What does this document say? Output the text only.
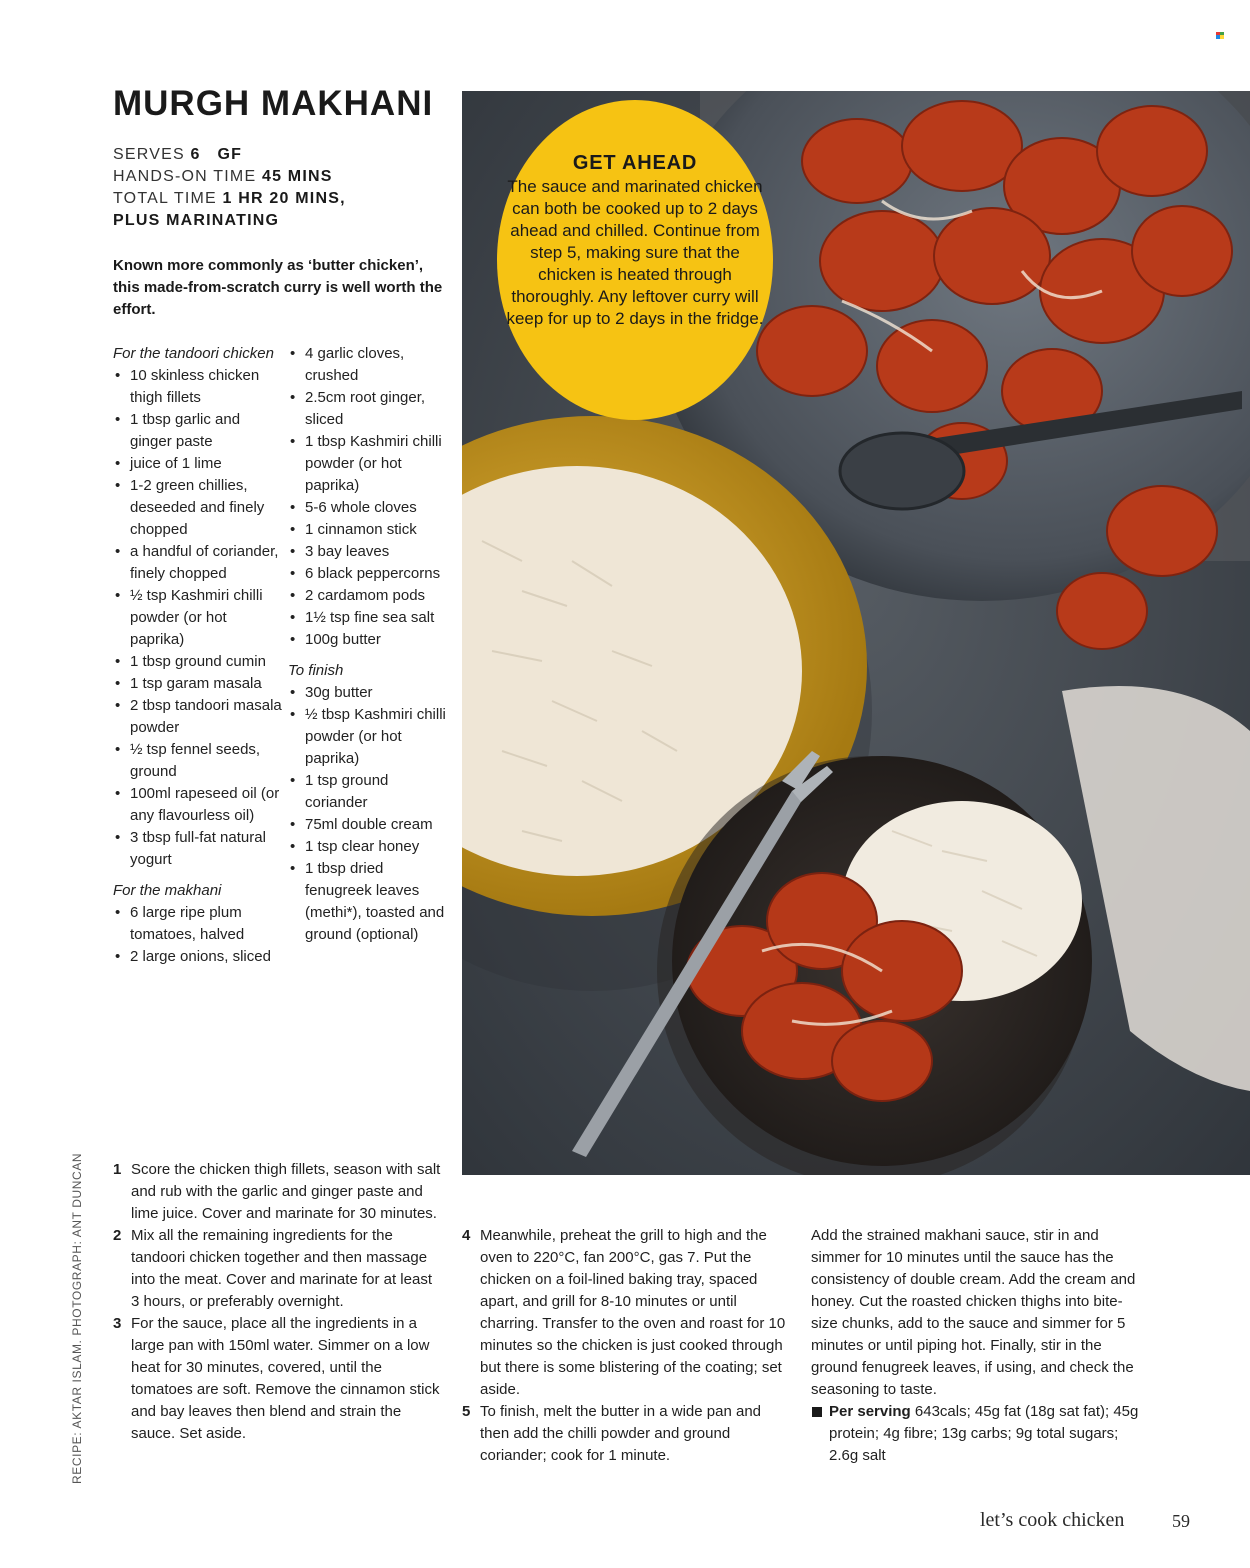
MURGH MAKHANI
SERVES 6 GF
HANDS-ON TIME 45 MINS
TOTAL TIME 1 HR 20 MINS,
PLUS MARINATING
Known more commonly as ‘butter chicken’, this made-from-scratch curry is well worth the effort.
For the tandoori chicken
• 10 skinless chicken thigh fillets
• 1 tbsp garlic and ginger paste
• juice of 1 lime
• 1-2 green chillies, deseeded and finely chopped
• a handful of coriander, finely chopped
• ½ tsp Kashmiri chilli powder (or hot paprika)
• 1 tbsp ground cumin
• 1 tsp garam masala
• 2 tbsp tandoori masala powder
• ½ tsp fennel seeds, ground
• 100ml rapeseed oil (or any flavourless oil)
• 3 tbsp full-fat natural yogurt
For the makhani
• 6 large ripe plum tomatoes, halved
• 2 large onions, sliced
• 4 garlic cloves, crushed
• 2.5cm root ginger, sliced
• 1 tbsp Kashmiri chilli powder (or hot paprika)
• 5-6 whole cloves
• 1 cinnamon stick
• 3 bay leaves
• 6 black peppercorns
• 2 cardamom pods
• 1½ tsp fine sea salt
• 100g butter
To finish
• 30g butter
• ½ tbsp Kashmiri chilli powder (or hot paprika)
• 1 tsp ground coriander
• 75ml double cream
• 1 tsp clear honey
• 1 tbsp dried fenugreek leaves (methi*), toasted and ground (optional)
GET AHEAD
The sauce and marinated chicken can both be cooked up to 2 days ahead and chilled. Continue from step 5, making sure that the chicken is heated through thoroughly. Any leftover curry will keep for up to 2 days in the fridge.
RECIPE: AKTAR ISLAM. PHOTOGRAPH: ANT DUNCAN 1 Score the chicken thigh fillets, season with salt and rub with the garlic and ginger paste and lime juice. Cover and marinate for 30 minutes.
2 Mix all the remaining ingredients for the tandoori chicken together and then massage into the meat. Cover and marinate for at least 3 hours, or preferably overnight.
3 For the sauce, place all the ingredients in a large pan with 150ml water. Simmer on a low heat for 30 minutes, covered, until the tomatoes are soft. Remove the cinnamon stick and bay leaves then blend and strain the sauce. Set aside.
4 Meanwhile, preheat the grill to high and the oven to 220°C, fan 200°C, gas 7. Put the chicken on a foil-lined baking tray, spaced apart, and grill for 8-10 minutes or until charring. Transfer to the oven and roast for 10 minutes so the chicken is just cooked through but there is some blistering of the coating; set aside.
5 To finish, melt the butter in a wide pan and then add the chilli powder and ground coriander; cook for 1 minute.
Add the strained makhani sauce, stir in and simmer for 10 minutes until the sauce has the consistency of double cream. Add the cream and honey. Cut the roasted chicken thighs into bite-size chunks, add to the sauce and simmer for 5 minutes or until piping hot. Finally, stir in the ground fenugreek leaves, if using, and check the seasoning to taste.
Per serving 643cals; 45g fat (18g sat fat); 45g protein; 4g fibre; 13g carbs; 9g total sugars; 2.6g salt
let’s cook chicken	59
